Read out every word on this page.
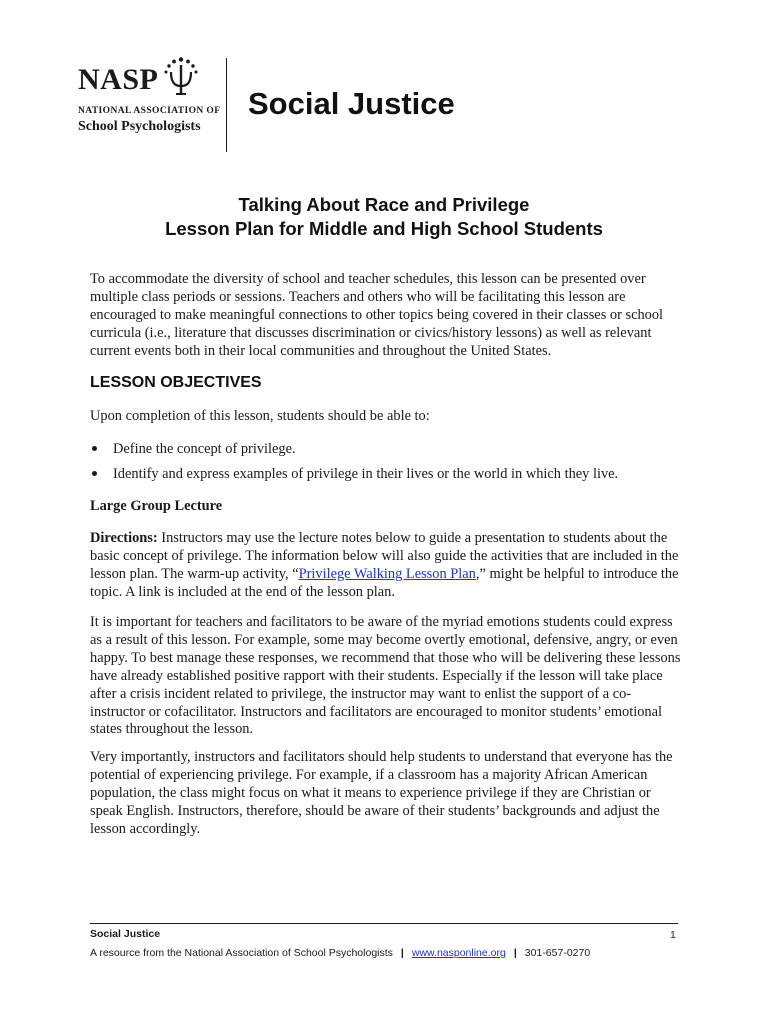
NASP
NATIONAL ASSOCIATION OF
School Psychologists
Social Justice
Talking About Race and Privilege
Lesson Plan for Middle and High School Students

To accommodate the diversity of school and teacher schedules, this lesson can be presented over multiple class periods or sessions. Teachers and others who will be facilitating this lesson are encouraged to make meaningful connections to other topics being covered in their classes or school curricula (i.e., literature that discusses discrimination or civics/history lessons) as well as relevant current events both in their local communities and throughout the United States.

LESSON OBJECTIVES

Upon completion of this lesson, students should be able to:

Define the concept of privilege.
Identify and express examples of privilege in their lives or the world in which they live.
Large Group Lecture

Directions: Instructors may use the lecture notes below to guide a presentation to students about the basic concept of privilege. The information below will also guide the activities that are included in the lesson plan. The warm-up activity, “Privilege Walking Lesson Plan,” might be helpful to introduce the topic. A link is included at the end of the lesson plan.

It is important for teachers and facilitators to be aware of the myriad emotions students could express as a result of this lesson. For example, some may become overtly emotional, defensive, angry, or even happy. To best manage these responses, we recommend that those who will be delivering these lessons have already established positive rapport with their students. Especially if the lesson will take place after a crisis incident related to privilege, the instructor may want to enlist the support of a co-instructor or cofacilitator. Instructors and facilitators are encouraged to monitor students’ emotional states throughout the lesson.

Very importantly, instructors and facilitators should help students to understand that everyone has the potential of experiencing privilege. For example, if a classroom has a majority African American population, the class might focus on what it means to experience privilege if they are Christian or speak English. Instructors, therefore, should be aware of their students’ backgrounds and adjust the lesson accordingly.

Social Justice	1
A resource from the National Association of School Psychologists | www.nasponline.org | 301-657-0270
